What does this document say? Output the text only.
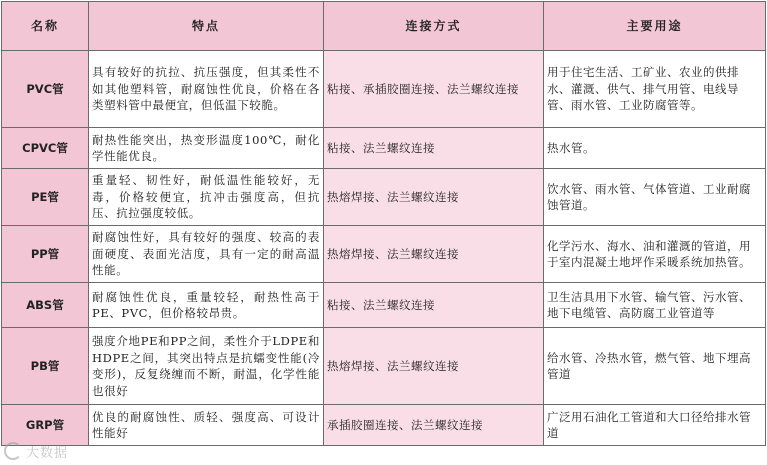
名称	特点	连接方式	主要用途
PVC管	具有较好的抗拉、抗压强度，但其柔性不如其他塑料管，耐腐蚀性优良，价格在各类塑料管中最便宜，但低温下较脆。	粘接、承插胶圈连接、法兰螺纹连接	用于住宅生活、工矿业、农业的供排水、灌溉、供气、排气用管、电线导管、雨水管、工业防腐管等。
CPVC管	耐热性能突出，热变形温度100℃，耐化学性能优良。	粘接、法兰螺纹连接	热水管。
PE管	重量轻、韧性好，耐低温性能较好，无毒，价格较便宜，抗冲击强度高，但抗压、抗拉强度较低。	热熔焊接、法兰螺纹连接	饮水管、雨水管、气体管道、工业耐腐蚀管道。
PP管	耐腐蚀性好，具有较好的强度、较高的表面硬度、表面光洁度，具有一定的耐高温性能。	热熔焊接、法兰螺纹连接	化学污水、海水、油和灌溉的管道，用于室内混凝土地坪作采暖系统加热管。
ABS管	耐腐蚀性优良，重量较轻，耐热性高于PE、PVC，但价格较昂贵。	粘接、法兰螺纹连接	卫生洁具用下水管、输气管、污水管、地下电缆管、高防腐工业管道等
PB管	强度介地PE和PP之间，柔性介于LDPE和HDPE之间，其突出特点是抗蠕变性能(冷变形)，反复绕缠而不断，耐温，化学性能也很好	热熔焊接、法兰螺纹连接	给水管、冷热水管，燃气管、地下埋高管道
GRP管	优良的耐腐蚀性、质轻、强度高、可设计性能好	承插胶圈连接、法兰螺纹连接	广泛用石油化工管道和大口径给排水管道
大数据
